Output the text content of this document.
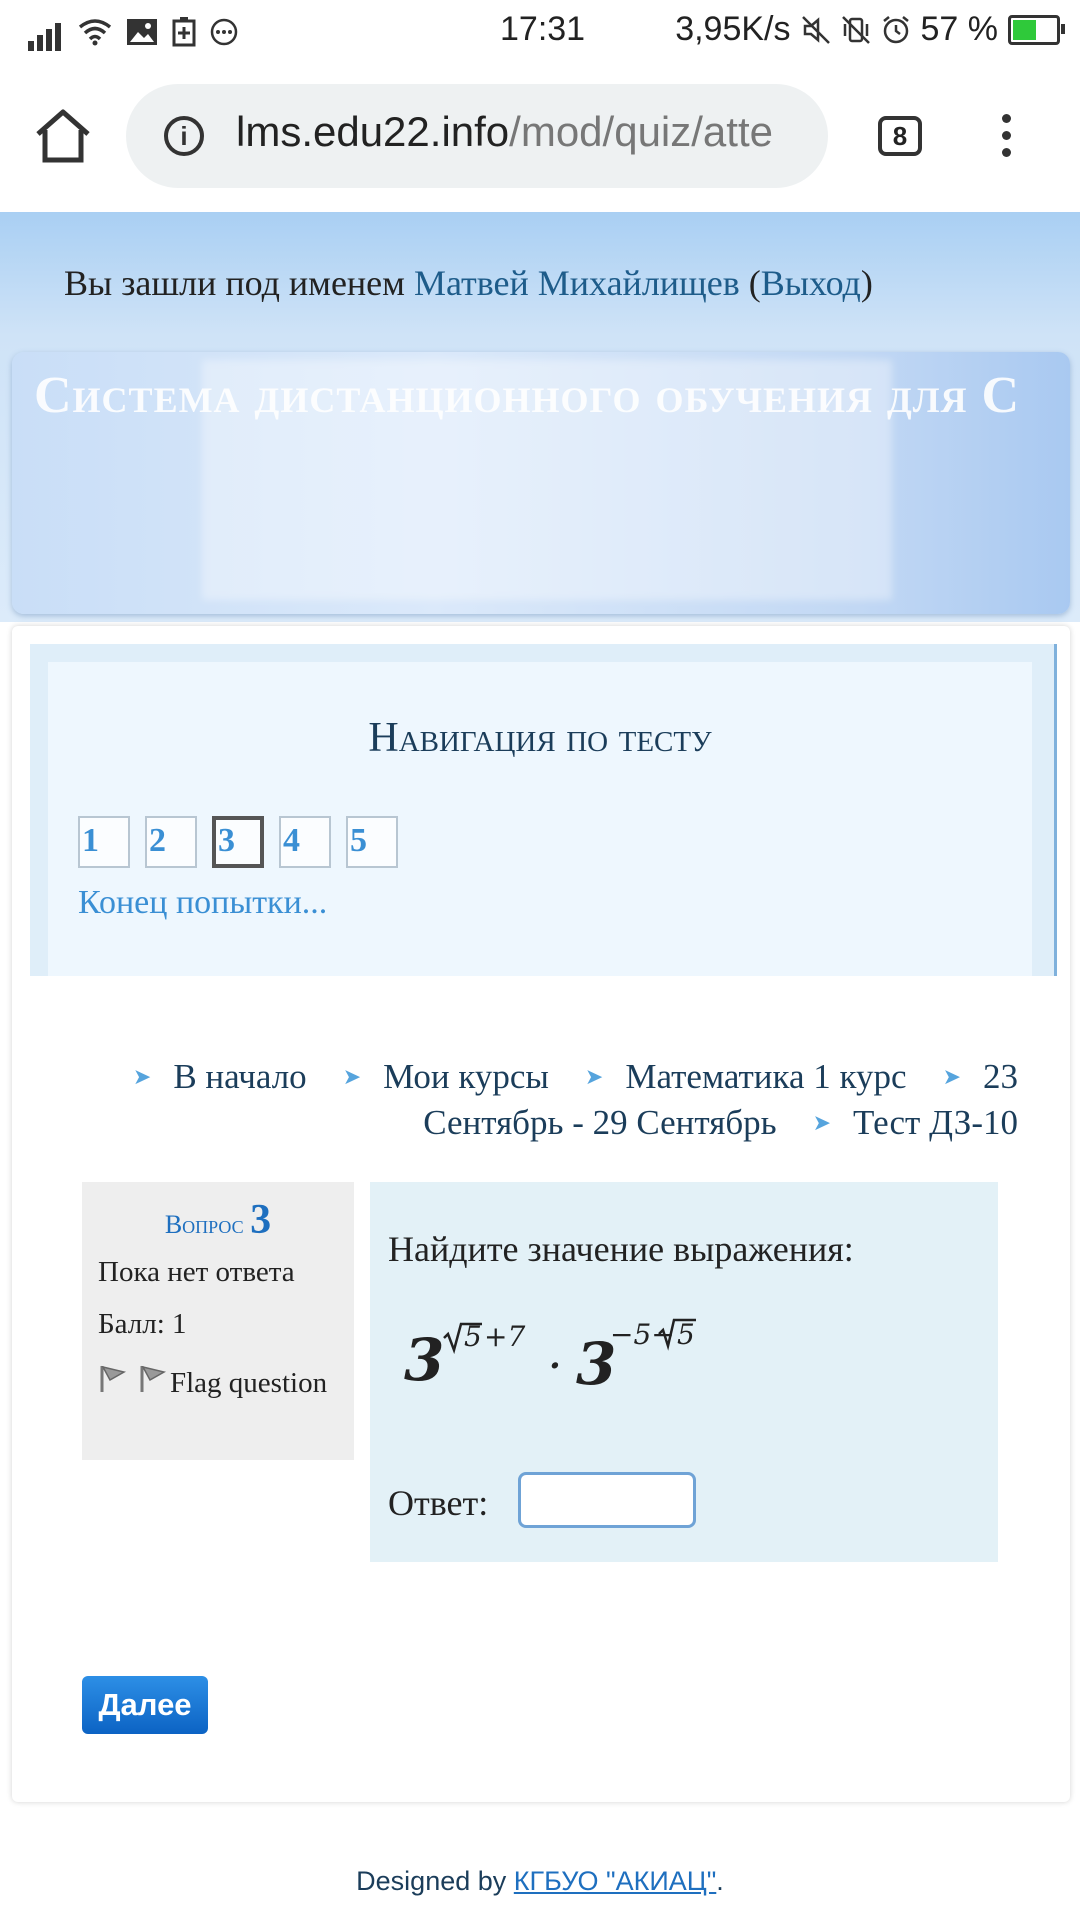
17:31	3,95K/s	57 %
i	lms.edu22.info/mod/quiz/atte	8
Вы зашли под именем Матвей Михайлищев (Выход)
Система дистанционного обучения для С
Навигация по тесту
1	2	3	4	5
Конец попытки...
➤ В начало ➤ Мои курсы ➤ Математика 1 курс ➤ 23 Сентябрь - 29 Сентябрь ➤ Тест ДЗ-10
Вопрос 3
Пока нет ответа
Балл: 1
Flag question
Найдите значение выражения:
3 5 +7
· 3
−5− 5
Ответ:
Далее
Designed by КГБУО "АКИАЦ".
